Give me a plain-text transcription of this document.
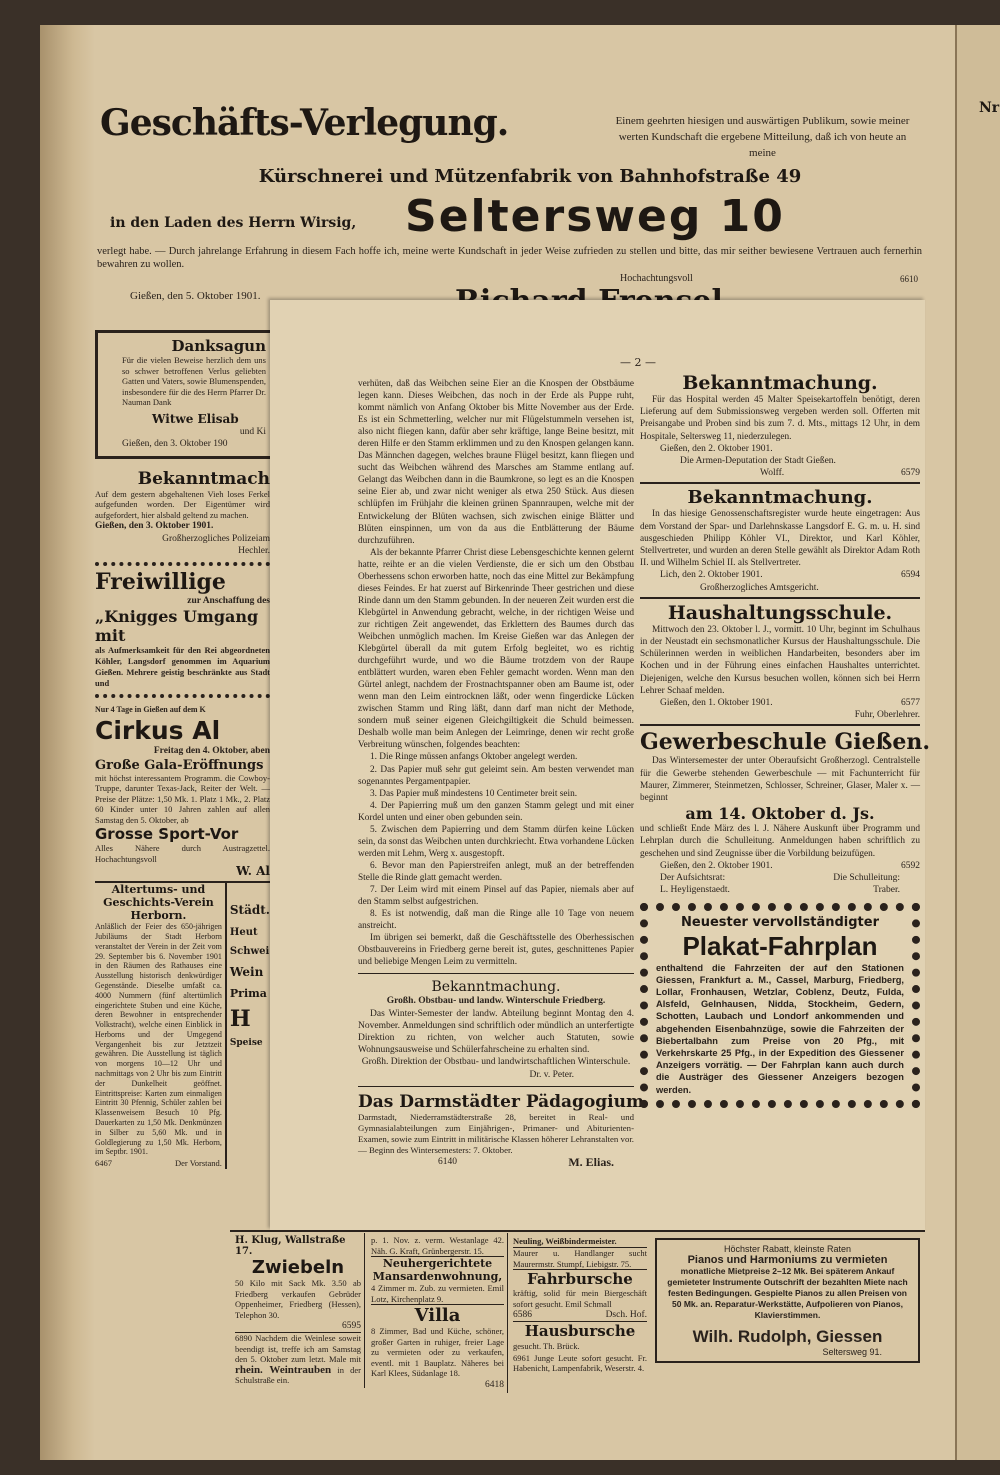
Nr
Geschäfts-Verlegung.	Einem geehrten hiesigen und auswärtigen Publikum, sowie meiner werten Kundschaft die ergebene Mitteilung, daß ich von heute an meine
Kürschnerei und Mützenfabrik von Bahnhofstraße 49
in den Laden des Herrn Wirsig, Seltersweg 10
verlegt habe. — Durch jahrelange Erfahrung in diesem Fach hoffe ich, meine werte Kundschaft in jeder Weise zufrieden zu stellen und bitte, das mir seither bewiesene Vertrauen auch fernerhin bewahren zu wollen.
Hochachtungsvoll	6610
Gießen, den 5. Oktober 1901.
Danksagun
Für die vielen Beweise herzlich dem uns so schwer betroffenen Verlus geliebten Gatten und Vaters, sowie Blumenspenden, insbesondere für die des Herrn Pfarrer Dr. Nauman Dank
Witwe Elisab
und Ki
Gießen, den 3. Oktober 190
Bekanntmach
Auf dem gestern abgehaltenen Vieh loses Ferkel aufgefunden worden. Der Eigentümer wird aufgefordert, hier alsbald geltend zu machen.
Gießen, den 3. Oktober 1901.
Großherzogliches Polizeiam
Hechler.
Freiwillige
zur Anschaffung des
„Knigges Umgang mit
als Aufmerksamkeit für den Rei abgeordneten Köhler, Langsdorf genommen im Aquarium Gießen. Mehrere geistig beschränkte aus Stadt und
Nur 4 Tage in Gießen auf dem K
Cirkus Al
Freitag den 4. Oktober, aben
Große Gala-Eröffnungs
mit höchst interessantem Programm. die Cowboy-Truppe, darunter Texas-Jack, Reiter der Welt. — Preise der Plätze: 1,50 Mk. 1. Platz 1 Mk., 2. Platz 60 Kinder unter 10 Jahren zahlen auf allen Samstag den 5. Oktober, ab
Grosse Sport-Vor
Alles Nähere durch Austragzettel. Hochachtungsvoll
W. Al
Altertums- und Geschichts-Verein Herborn.
Anläßlich der Feier des 650-jährigen Jubiläums der Stadt Herborn veranstaltet der Verein in der Zeit vom 29. September bis 6. November 1901 in den Räumen des Rathauses eine Ausstellung historisch denkwürdiger Gegenstände. Dieselbe umfaßt ca. 4000 Nummern (fünf altertümlich eingerichtete Stuben und eine Küche, deren Bewohner in entsprechender Volkstracht), welche einen Einblick in Herborns und der Umgegend Vergangenheit bis zur Jetztzeit gewähren. Die Ausstellung ist täglich von morgens 10—12 Uhr und nachmittags von 2 Uhr bis zum Eintritt der Dunkelheit geöffnet. Eintrittspreise: Karten zum einmaligen Eintritt 30 Pfennig, Schüler zahlen bei Klassenweisem Besuch 10 Pfg. Dauerkarten zu 1,50 Mk. Denkmünzen in Silber zu 5,60 Mk. und in Goldlegierung zu 1,50 Mk. Herborn, im Septbr. 1901.
6467	Der Vorstand.
Städt.
Heut
Schwei
Wein
Prima
H
Speise
— 2 —

verhüten, daß das Weibchen seine Eier an die Knospen der Obstbäume legen kann. Dieses Weibchen, das noch in der Erde als Puppe ruht, kommt nämlich von Anfang Oktober bis Mitte November aus der Erde. Es ist ein Schmetterling, welcher nur mit Flügelstummeln versehen ist, also nicht fliegen kann, dafür aber sehr kräftige, lange Beine besitzt, mit deren Hilfe er den Stamm erklimmen und zu den Knospen gelangen kann. Das Männchen dagegen, welches braune Flügel besitzt, kann fliegen und sucht das Weibchen während des Marsches am Stamme entlang auf. Gelangt das Weibchen dann in die Baumkrone, so legt es an die Knospen seine Eier ab, und zwar nicht weniger als etwa 250 Stück. Aus diesen schlüpfen im Frühjahr die kleinen grünen Spannraupen, welche mit der Entwickelung der Blüten wachsen, sich zwischen einige Blätter und Blüten einspinnen, um von da aus die Entblätterung der Bäume durchzuführen.

Als der bekannte Pfarrer Christ diese Lebensgeschichte kennen gelernt hatte, reihte er an die vielen Verdienste, die er sich um den Obstbau Oberhessens schon erworben hatte, noch das eine Mittel zur Bekämpfung dieses Feindes. Er hat zuerst auf Birkenrinde Theer gestrichen und diese Rinde dann um den Stamm gebunden. In der neueren Zeit wurden erst die Klebgürtel in Anwendung gebracht, welche, in der richtigen Weise und zur richtigen Zeit angewendet, das Erklettern des Baumes durch das Weibchen unmöglich machen. Im Kreise Gießen war das Anlegen der Klebgürtel überall da mit gutem Erfolg begleitet, wo es richtig durchgeführt wurde, und wo die Bäume trotzdem von der Raupe entblättert wurden, waren eben Fehler gemacht worden. Wenn man den Gürtel anlegt, nachdem der Frostnachtspanner oben am Baume ist, oder wenn man den Leim eintrocknen läßt, oder wenn fingerdicke Lücken zwischen Stamm und Ring läßt, dann darf man nicht der Methode, sondern muß seiner eigenen Gleichgiltigkeit die Schuld beimessen. Deshalb wolle man beim Anlegen der Leimringe, denen wir recht große Verbreitung wünschen, folgendes beachten:

1. Die Ringe müssen anfangs Oktober angelegt werden.

2. Das Papier muß sehr gut geleimt sein. Am besten verwendet man sogenanntes Pergamentpapier.

3. Das Papier muß mindestens 10 Centimeter breit sein.

4. Der Papierring muß um den ganzen Stamm gelegt und mit einer Kordel unten und einer oben gebunden sein.

5. Zwischen dem Papierring und dem Stamm dürfen keine Lücken sein, da sonst das Weibchen unten durchkriecht. Etwa vorhandene Lücken werden mit Lehm, Werg x. ausgestopft.

6. Bevor man den Papierstreifen anlegt, muß an der betreffenden Stelle die Rinde glatt gemacht werden.

7. Der Leim wird mit einem Pinsel auf das Papier, niemals aber auf den Stamm selbst aufgestrichen.

8. Es ist notwendig, daß man die Ringe alle 10 Tage von neuem anstreicht.

Im übrigen sei bemerkt, daß die Geschäftsstelle des Oberhessischen Obstbauvereins in Friedberg gerne bereit ist, gutes, geschnittenes Papier und beliebige Mengen Leim zu vermitteln.

Bekanntmachung.
Großh. Obstbau- und landw. Winterschule Friedberg.
Das Winter-Semester der landw. Abteilung beginnt Montag den 4. November. Anmeldungen sind schriftlich oder mündlich an unterfertigte Direktion zu richten, von welcher auch Statuten, sowie Wohnungsausweise und Schülerfahrscheine zu erhalten sind.
Großh. Direktion der Obstbau- und landwirtschaftlichen Winterschule.
Dr. v. Peter.
Das Darmstädter Pädagogium
Darmstadt, Niederramstädterstraße 28, bereitet in Real- und Gymnasialabteilungen zum Einjährigen-, Primaner- und Abiturienten-Examen, sowie zum Eintritt in militärische Klassen höherer Lehranstalten vor. — Beginn des Wintersemesters: 7. Oktober.
6140	M. Elias.
Bekanntmachung.
Für das Hospital werden 45 Malter Speisekartoffeln benötigt, deren Lieferung auf dem Submissionsweg vergeben werden soll. Offerten mit Preisangabe und Proben sind bis zum 7. d. Mts., mittags 12 Uhr, in dem Hospitale, Seltersweg 11, niederzulegen.
Gießen, den 2. Oktober 1901.
Die Armen-Deputation der Stadt Gießen.
Wolff.	6579
Bekanntmachung.
In das hiesige Genossenschaftsregister wurde heute eingetragen: Aus dem Vorstand der Spar- und Darlehnskasse Langsdorf E. G. m. u. H. sind ausgeschieden Philipp Köhler VI., Direktor, und Karl Köhler, Stellvertreter, und wurden an deren Stelle gewählt als Direktor Adam Roth II. und Wilhelm Schiel II. als Stellvertreter.
Lich, den 2. Oktober 1901.	6594
Großherzogliches Amtsgericht.
Haushaltungsschule.
Mittwoch den 23. Oktober l. J., vormitt. 10 Uhr, beginnt im Schulhaus in der Neustadt ein sechsmonatlicher Kursus der Haushaltungsschule. Die Schülerinnen werden in weiblichen Handarbeiten, besonders aber im Kochen und in der Führung eines einfachen Haushaltes unterrichtet. Diejenigen, welche den Kursus besuchen wollen, können sich bei Herrn Lehrer Schaaf melden.
Gießen, den 1. Oktober 1901.	6577
Fuhr, Oberlehrer.
Gewerbeschule Gießen.
Das Wintersemester der unter Oberaufsicht Großherzogl. Centralstelle für die Gewerbe stehenden Gewerbeschule — mit Fachunterricht für Maurer, Zimmerer, Steinmetzen, Schlosser, Schreiner, Glaser, Maler x. — beginnt
am 14. Oktober d. Js.
und schließt Ende März des l. J. Nähere Auskunft über Programm und Lehrplan durch die Schulleitung. Anmeldungen haben schriftlich zu geschehen und sind Zeugnisse über die Vorbildung beizufügen.
Gießen, den 2. Oktober 1901.	6592
Der Aufsichtsrat:	Die Schulleitung:
L. Heyligenstaedt.	Traber.
Neuester vervollständigter
Plakat-Fahrplan
enthaltend die Fahrzeiten der auf den Stationen Giessen, Frankfurt a. M., Cassel, Marburg, Friedberg, Lollar, Fronhausen, Wetzlar, Coblenz, Deutz, Fulda, Alsfeld, Gelnhausen, Nidda, Stockheim, Gedern, Schotten, Laubach und Londorf ankommenden und abgehenden Eisenbahnzüge, sowie die Fahrzeiten der Biebertalbahn zum Preise von 20 Pfg., mit Verkehrskarte 25 Pfg., in der Expedition des Giessener Anzeigers vorrätig. — Der Fahrplan kann auch durch die Austräger des Giessener Anzeigers bezogen werden.
H. Klug, Wallstraße 17.
Zwiebeln
50 Kilo mit Sack Mk. 3.50 ab Friedberg verkaufen Gebrüder Oppenheimer, Friedberg (Hessen), Telephon 30.
6595
6890 Nachdem die Weinlese soweit beendigt ist, treffe ich am Samstag den 5. Oktober zum letzt. Male mit rhein. Weintrauben in der Schulstraße ein.
p. 1. Nov. z. verm. Westanlage 42. Näh. G. Kraft, Grünbergerstr. 15.
Neuhergerichtete Mansardenwohnung,
4 Zimmer m. Zub. zu vermieten. Emil Lotz, Kirchenplatz 9.
Villa
8 Zimmer, Bad und Küche, schöner, großer Garten in ruhiger, freier Lage zu vermieten oder zu verkaufen, eventl. mit 1 Bauplatz. Näheres bei Karl Klees, Südanlage 18.
6418
Neuling, Weißbindermeister.
Maurer u. Handlanger sucht Maurermstr. Stumpf, Liebigstr. 75.
Fahrbursche
kräftig, solid für mein Biergeschäft sofort gesucht. Emil Schmall
6586	Dsch. Hof.
Hausbursche
gesucht. Th. Brück.
6961 Junge Leute sofort gesucht. Fr. Habenicht, Lampenfabrik, Weserstr. 4.
Höchster Rabatt, kleinste Raten
Pianos und Harmoniums zu vermieten
monatliche Mietpreise 2–12 Mk. Bei späterem Ankauf gemieteter Instrumente Outschrift der bezahlten Miete nach festen Bedingungen. Gespielte Pianos zu allen Preisen von 50 Mk. an. Reparatur-Werkstätte, Aufpolieren von Pianos, Klavierstimmen.
Wilh. Rudolph, Giessen
Seltersweg 91.
